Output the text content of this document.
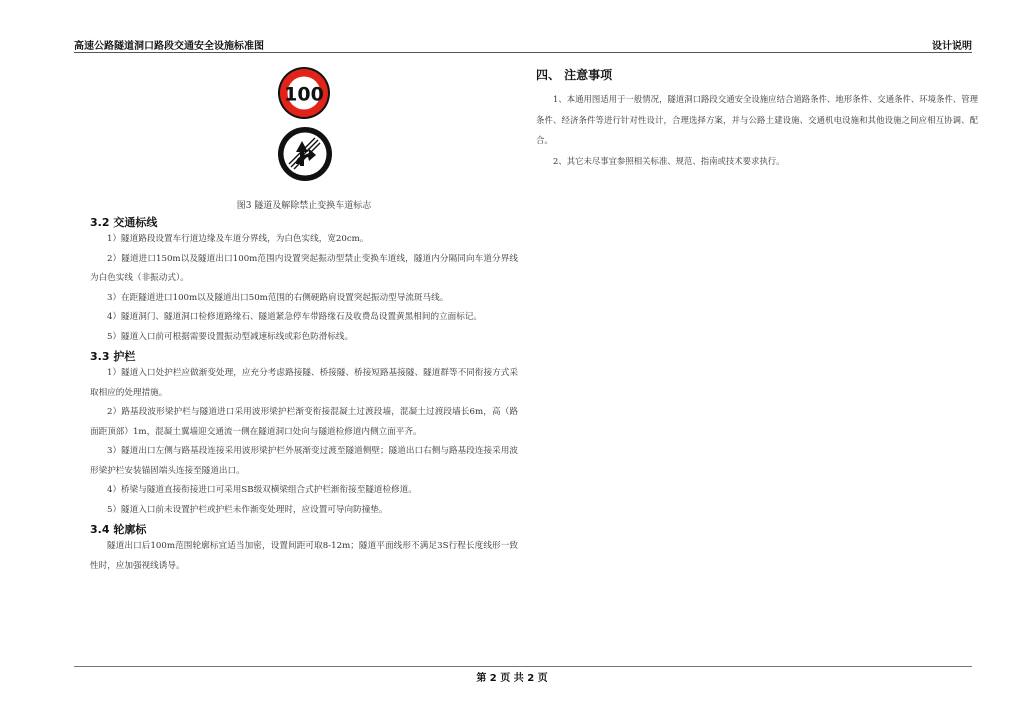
高速公路隧道洞口路段交通安全设施标准图	设计说明
100
图3 隧道及解除禁止变换车道标志
3.2 交通标线

1）隧道路段设置车行道边缘及车道分界线，为白色实线，宽20cm。

2）隧道进口150m以及隧道出口100m范围内设置突起振动型禁止变换车道线，隧道内分隔同向车道分界线为白色实线（非振动式）。

3）在距隧道进口100m以及隧道出口50m范围的右侧硬路肩设置突起振动型导流斑马线。

4）隧道洞门、隧道洞口检修道路缘石、隧道紧急停车带路缘石及收费岛设置黄黑相间的立面标记。

5）隧道入口前可根据需要设置振动型减速标线或彩色防滑标线。

3.3 护栏

1）隧道入口处护栏应做渐变处理，应充分考虑路接隧、桥接隧、桥接短路基接隧、隧道群等不同衔接方式采取相应的处理措施。

2）路基段波形梁护栏与隧道进口采用波形梁护栏渐变衔接混凝土过渡段墙，混凝土过渡段墙长6m，高（路面距顶部）1m，混凝土翼墙迎交通流一侧在隧道洞口处向与隧道检修道内侧立面平齐。

3）隧道出口左侧与路基段连接采用波形梁护栏外展渐变过渡至隧道侧壁；隧道出口右侧与路基段连接采用波形梁护栏安装锚固端头连接至隧道出口。

4）桥梁与隧道直接衔接进口可采用SB级双横梁组合式护栏渐衔接至隧道检修道。

5）隧道入口前未设置护栏或护栏未作渐变处理时，应设置可导向防撞垫。

3.4 轮廓标

隧道出口后100m范围轮廓标宜适当加密，设置间距可取8-12m；隧道平面线形不满足3S行程长度线形一致性时，应加强视线诱导。

四、 注意事项

1、本通用图适用于一般情况，隧道洞口路段交通安全设施应结合道路条件、地形条件、交通条件、环境条件、管理条件、经济条件等进行针对性设计，合理选择方案，并与公路土建设施、交通机电设施和其他设施之间应相互协调、配合。

2、其它未尽事宜参照相关标准、规范、指南或技术要求执行。

第 2 页 共 2 页
